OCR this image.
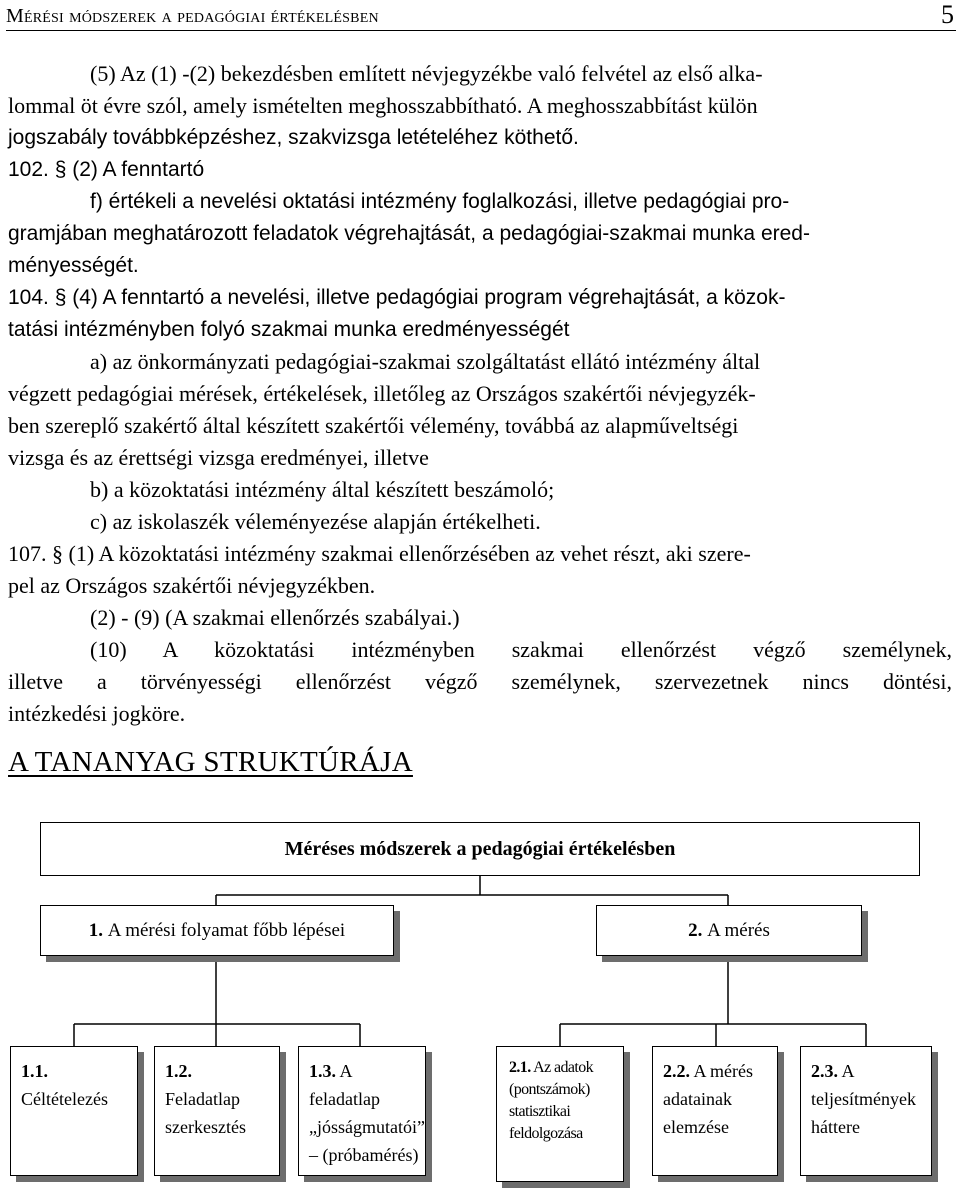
Mérési módszerek a pedagógiai értékelésben	5
(5) Az (1) -(2) bekezdésben említett névjegyzékbe való felvétel az első alka-
lommal öt évre szól, amely ismételten meghosszabbítható. A meghosszabbítást külön
jogszabály továbbképzéshez, szakvizsga letételéhez köthető.
102. § (2) A fenntartó
f) értékeli a nevelési oktatási intézmény foglalkozási, illetve pedagógiai pro-
gramjában meghatározott feladatok végrehajtását, a pedagógiai-szakmai munka ered-
ményességét.
104. § (4) A fenntartó a nevelési, illetve pedagógiai program végrehajtását, a közok-
tatási intézményben folyó szakmai munka eredményességét
a) az önkormányzati pedagógiai-szakmai szolgáltatást ellátó intézmény által
végzett pedagógiai mérések, értékelések, illetőleg az Országos szakértői névjegyzék-
ben szereplő szakértő által készített szakértői vélemény, továbbá az alapműveltségi
vizsga és az érettségi vizsga eredményei, illetve
b) a közoktatási intézmény által készített beszámoló;
c) az iskolaszék véleményezése alapján értékelheti.
107. § (1) A közoktatási intézmény szakmai ellenőrzésében az vehet részt, aki szere-
pel az Országos szakértői névjegyzékben.
(2) - (9) (A szakmai ellenőrzés szabályai.)
(10) A közoktatási intézményben szakmai ellenőrzést végző személynek,
illetve a törvényességi ellenőrzést végző személynek, szervezetnek nincs döntési,
intézkedési jogköre.
A TANANYAG STRUKTÚRÁJA
Méréses módszerek a pedagógiai értékelésben
1.
A mérési folyamat főbb lépései	2.
A mérés
1.1.
Céltételezés
1.2.
Feladatlap szerkesztés
1.3. A feladatlap „jósságmutatói” – (próbamérés)
2.1. Az adatok (pontszámok) statisztikai feldolgozása
2.2. A mérés adatainak elemzése
2.3. A teljesítmények háttere
